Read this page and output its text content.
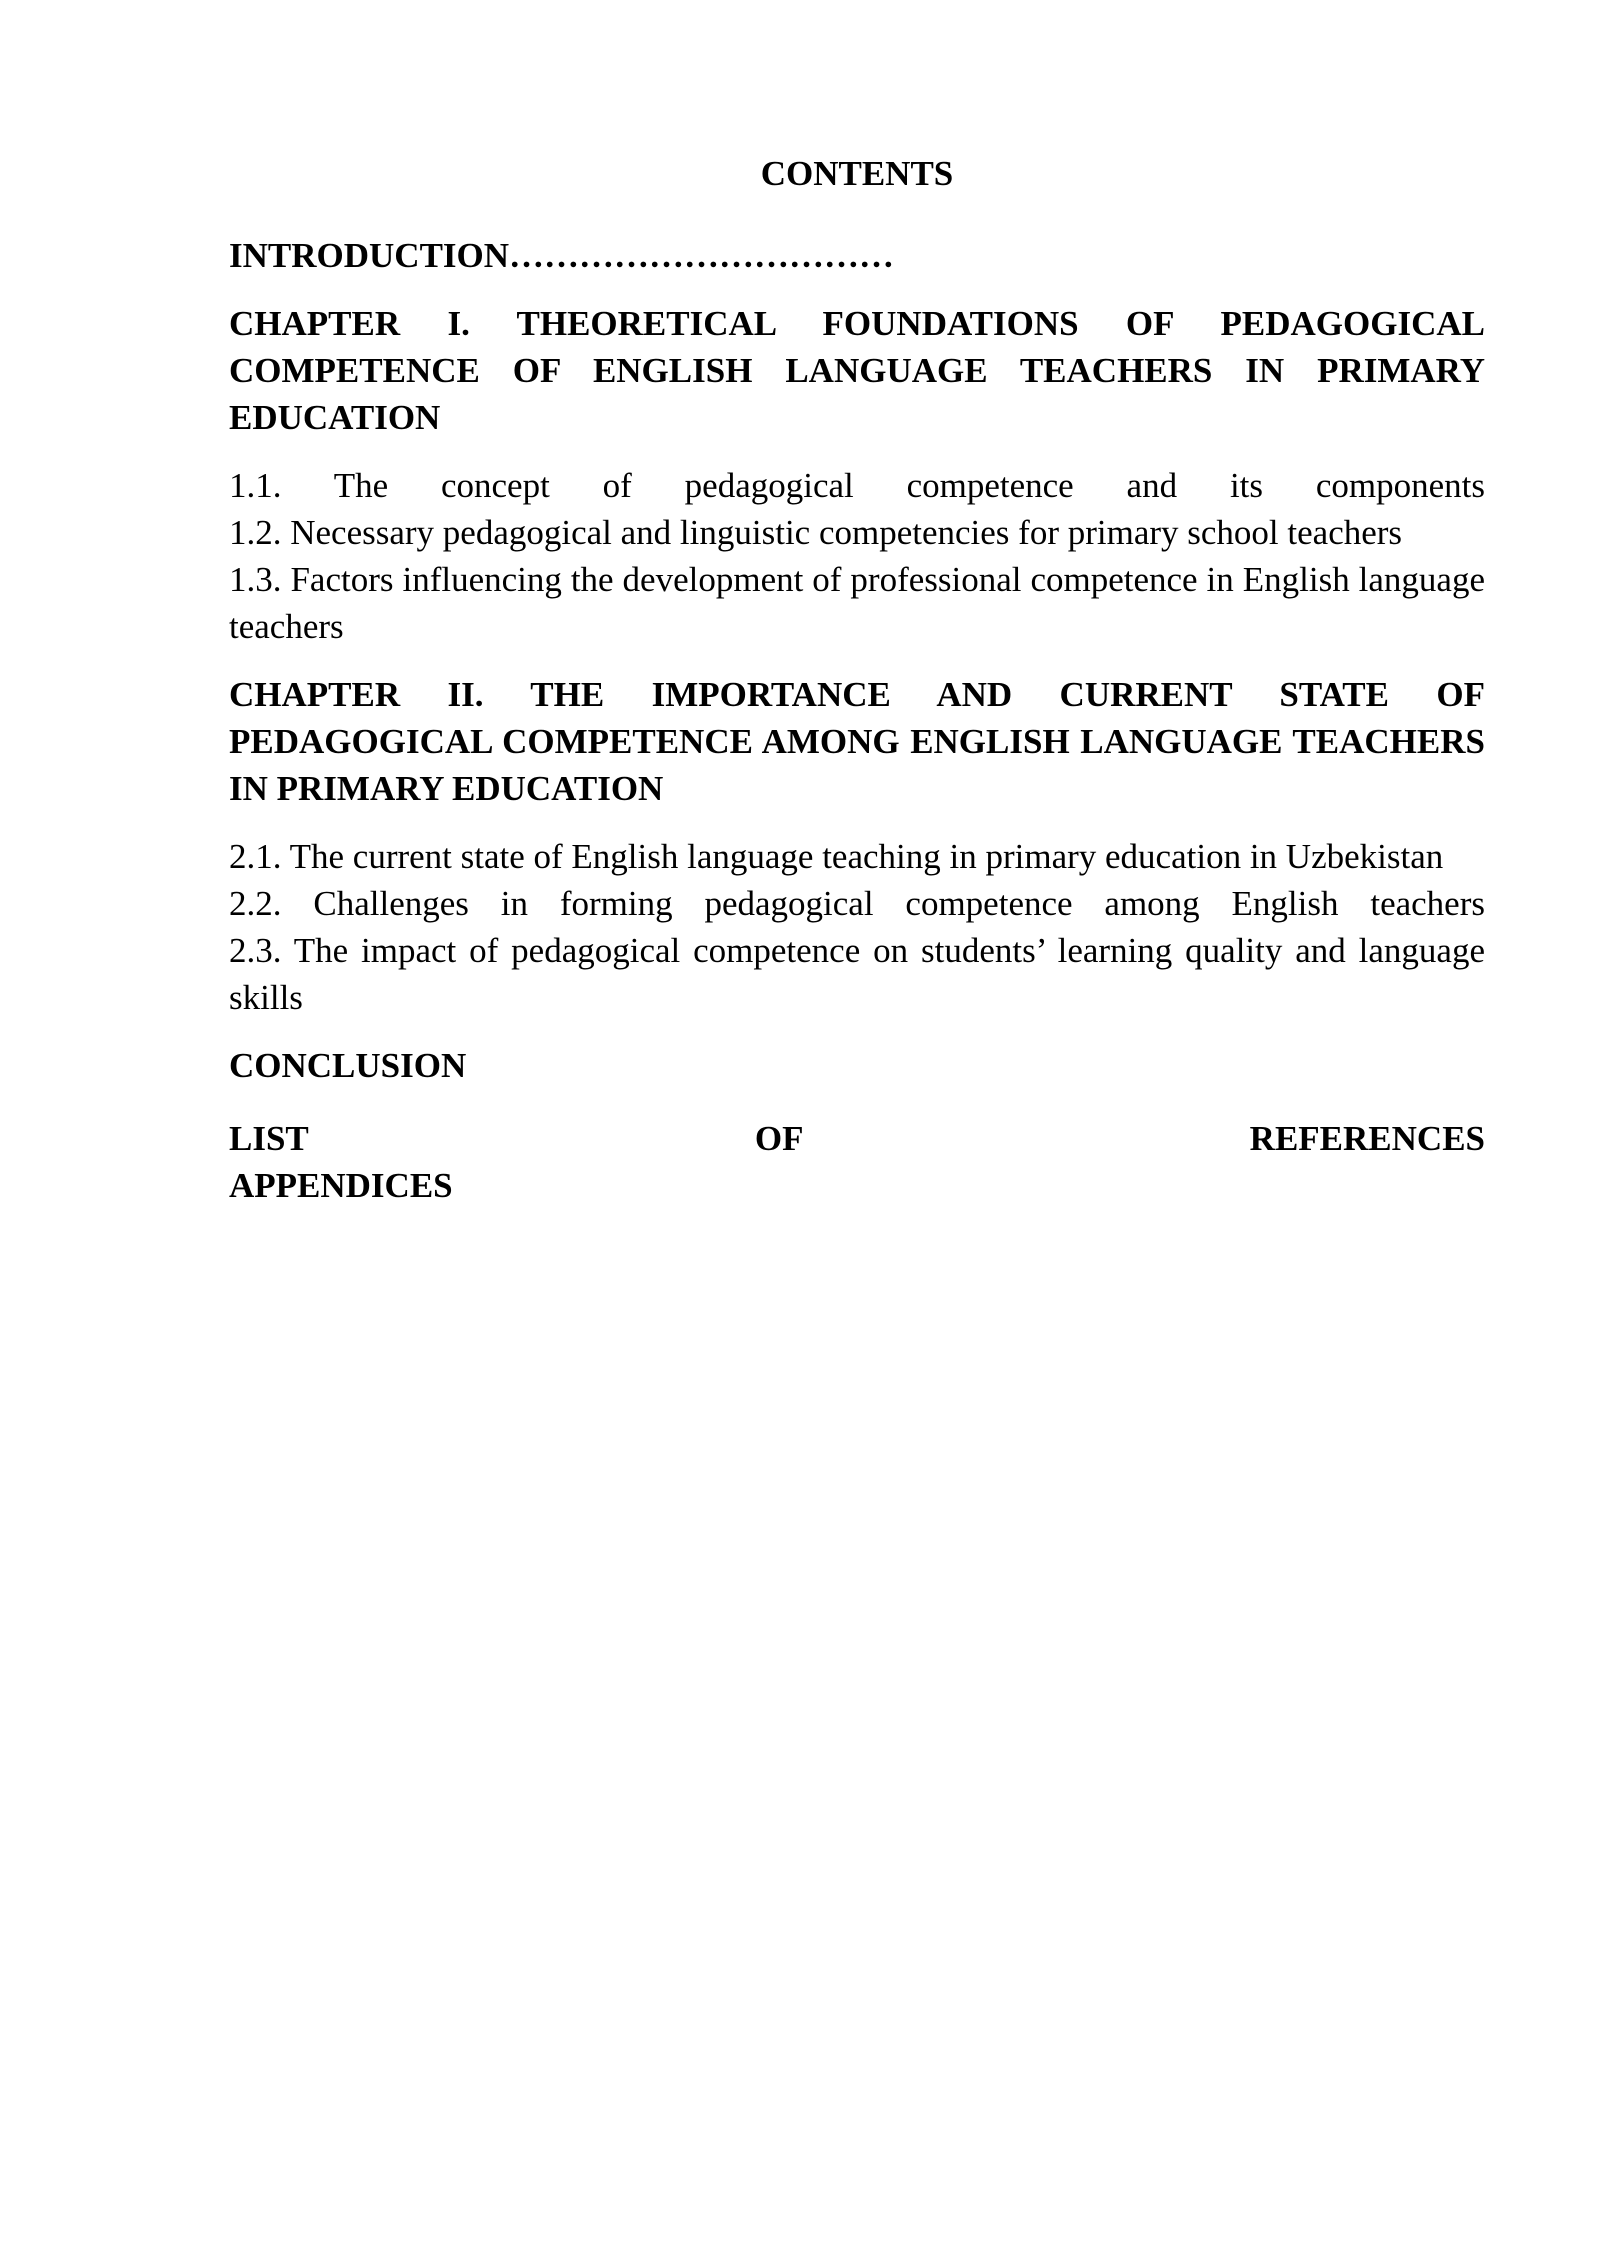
CONTENTS
INTRODUCTION……………………………
CHAPTER I. THEORETICAL FOUNDATIONS OF PEDAGOGICAL COMPETENCE OF ENGLISH LANGUAGE TEACHERS IN PRIMARY EDUCATION
1.1. The concept of pedagogical competence and its components
1.2. Necessary pedagogical and linguistic competencies for primary school teachers
1.3. Factors influencing the development of professional competence in English language teachers
CHAPTER II. THE IMPORTANCE AND CURRENT STATE OF PEDAGOGICAL COMPETENCE AMONG ENGLISH LANGUAGE TEACHERS IN PRIMARY EDUCATION
2.1. The current state of English language teaching in primary education in Uzbekistan
2.2. Challenges in forming pedagogical competence among English teachers
2.3. The impact of pedagogical competence on students’ learning quality and language skills
CONCLUSION
LIST	OF	REFERENCES
APPENDICES
